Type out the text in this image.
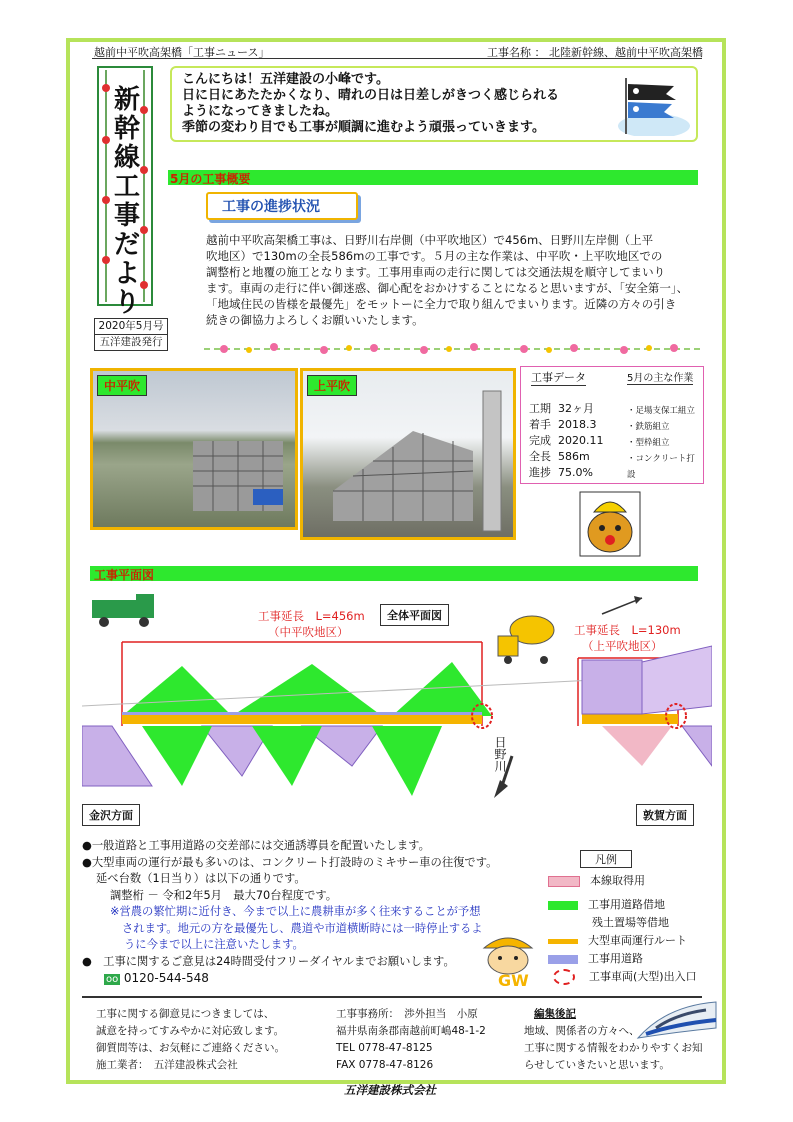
越前中平吹高架橋「工事ニュース」	工事名称 ： 北陸新幹線、越前中平吹高架橋
新
幹
線
工
事
だ
よ
り
2020年5月号
五洋建設発行
こんにちは！五洋建設の小峰です。
日に日にあたたかくなり、晴れの日は日差しがきつく感じられる
ようになってきましたね。
季節の変わり目でも工事が順調に進むよう頑張っていきます。
5月の工事概要
工事の進捗状況
越前中平吹高架橋工事は、日野川右岸側（中平吹地区）で456m、日野川左岸側（上平
吹地区）で130mの全長586mの工事です。５月の主な作業は、中平吹・上平吹地区での
調整桁と地覆の施工となります。工事用車両の走行に関しては交通法規を順守してまいり
ます。車両の走行に伴い御迷惑、御心配をおかけすることになると思いますが、「安全第一」、
「地域住民の皆様を最優先」をモットーに全力で取り組んでまいります。近隣の方々の引き
続きの御協力よろしくお願いいたします。
中平吹	上平吹
工事データ	5月の主な作業
工期 32ヶ月
着手 2018.3
完成 2020.11
全長 586m
進捗 75.0%
・足場支保工組立
・鉄筋組立
・型枠組立
・コンクリート打設
工事平面図
工事延長　L=456m
（中平吹地区）
全体平面図
工事延長　L=130m
（上平吹地区）
日野川
金沢方面	敦賀方面
●一般道路と工事用道路の交差部には交通誘導員を配置いたします。
●大型車両の運行が最も多いのは、コンクリート打設時のミキサー車の往復です。
延べ台数（1日当り）は以下の通りです。
調整桁 － 令和2年5月　最大70台程度です。
※営農の繁忙期に近付き、今まで以上に農耕車が多く往来することが予想
されます。地元の方を最優先し、農道や市道横断時には一時停止するよ
うに今まで以上に注意いたします。
●　工事に関するご意見は24時間受付フリーダイヤルまでお願いします。
oo 0120-544-548	GW
凡例
本線取得用
工事用道路借地
残土置場等借地
大型車両運行ルート
工事用道路
工事車両(大型)出入口
工事に関する御意見につきましては、
誠意を持ってすみやかに対応致します。
御質問等は、お気軽にご連絡ください。
施工業者：　五洋建設株式会社
工事事務所：　渉外担当　小原
福井県南条郡南越前町嶋48-1-2
TEL 0778-47-8125
FAX 0778-47-8126
編集後記
地域、関係者の方々へ、
工事に関する情報をわかりやすくお知
らせしていきたいと思います。
五洋建設株式会社
